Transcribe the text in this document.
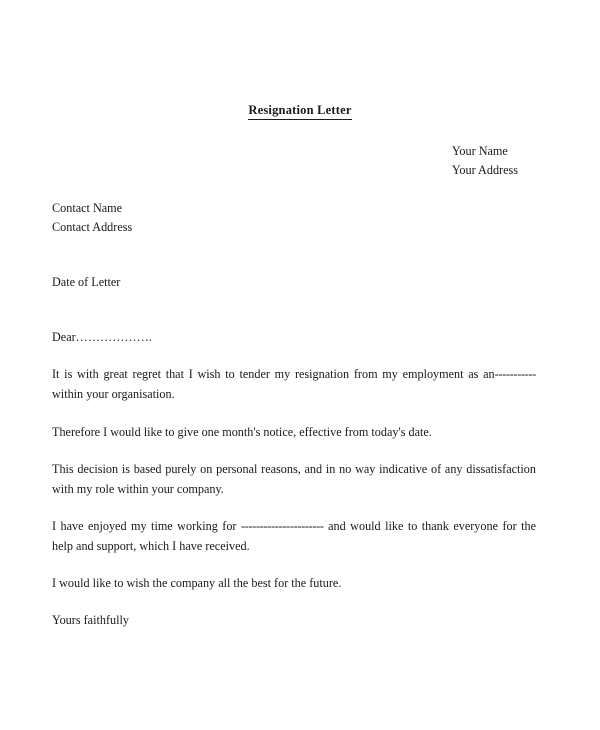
Resignation Letter
Your Name
Your Address
Contact Name
Contact Address
Date of Letter
Dear……………….

It is with great regret that I wish to tender my resignation from my employment as an----------- within your organisation.

Therefore I would like to give one month's notice, effective from today's date.

This decision is based purely on personal reasons, and in no way indicative of any dissatisfaction with my role within your company.

I have enjoyed my time working for ---------------------- and would like to thank everyone for the help and support, which I have received.

I would like to wish the company all the best for the future.

Yours faithfully
